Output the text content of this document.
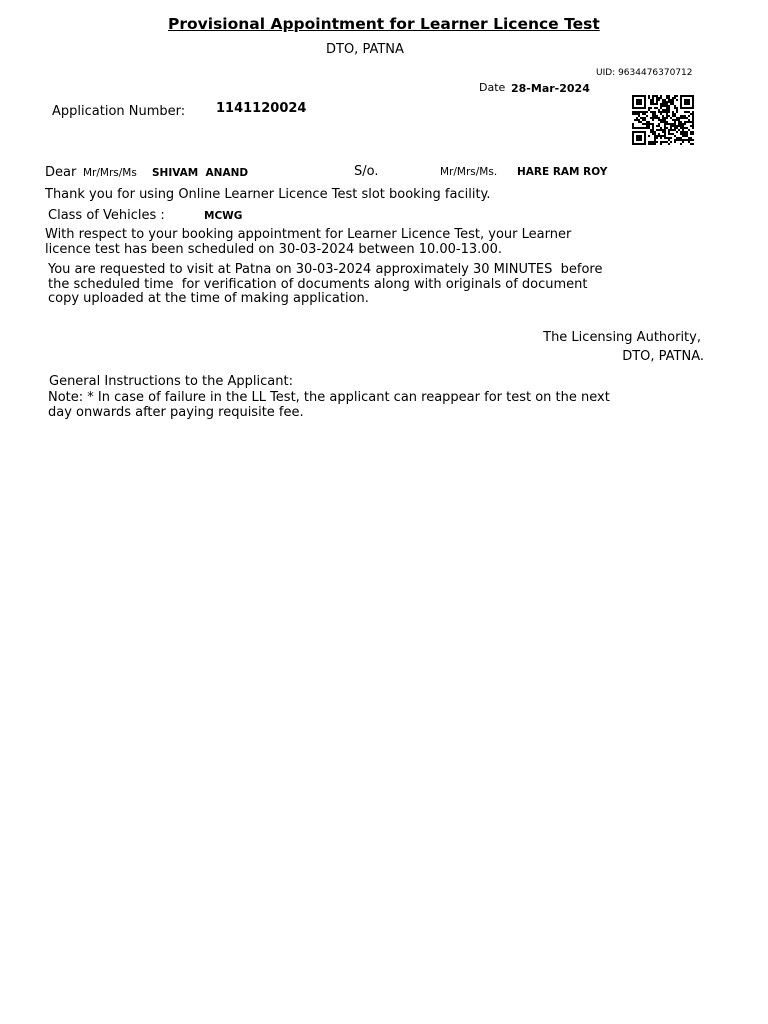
Provisional Appointment for Learner Licence Test
DTO, PATNA
UID: 9634476370712
Date 28-Mar-2024
Application Number: 1141120024
Dear Mr/Mrs/Ms SHIVAM  ANAND	S/o.	Mr/Mrs/Ms. HARE RAM ROY
Thank you for using Online Learner Licence Test slot booking facility.
Class of Vehicles :	MCWG
With respect to your booking appointment for Learner Licence Test, your Learner
licence test has been scheduled on 30-03-2024 between 10.00-13.00.
You are requested to visit at Patna on 30-03-2024 approximately 30 MINUTES  before
the scheduled time  for verification of documents along with originals of document
copy uploaded at the time of making application.
The Licensing Authority,
DTO, PATNA.
General Instructions to the Applicant:
Note: * In case of failure in the LL Test, the applicant can reappear for test on the next
day onwards after paying requisite fee.
